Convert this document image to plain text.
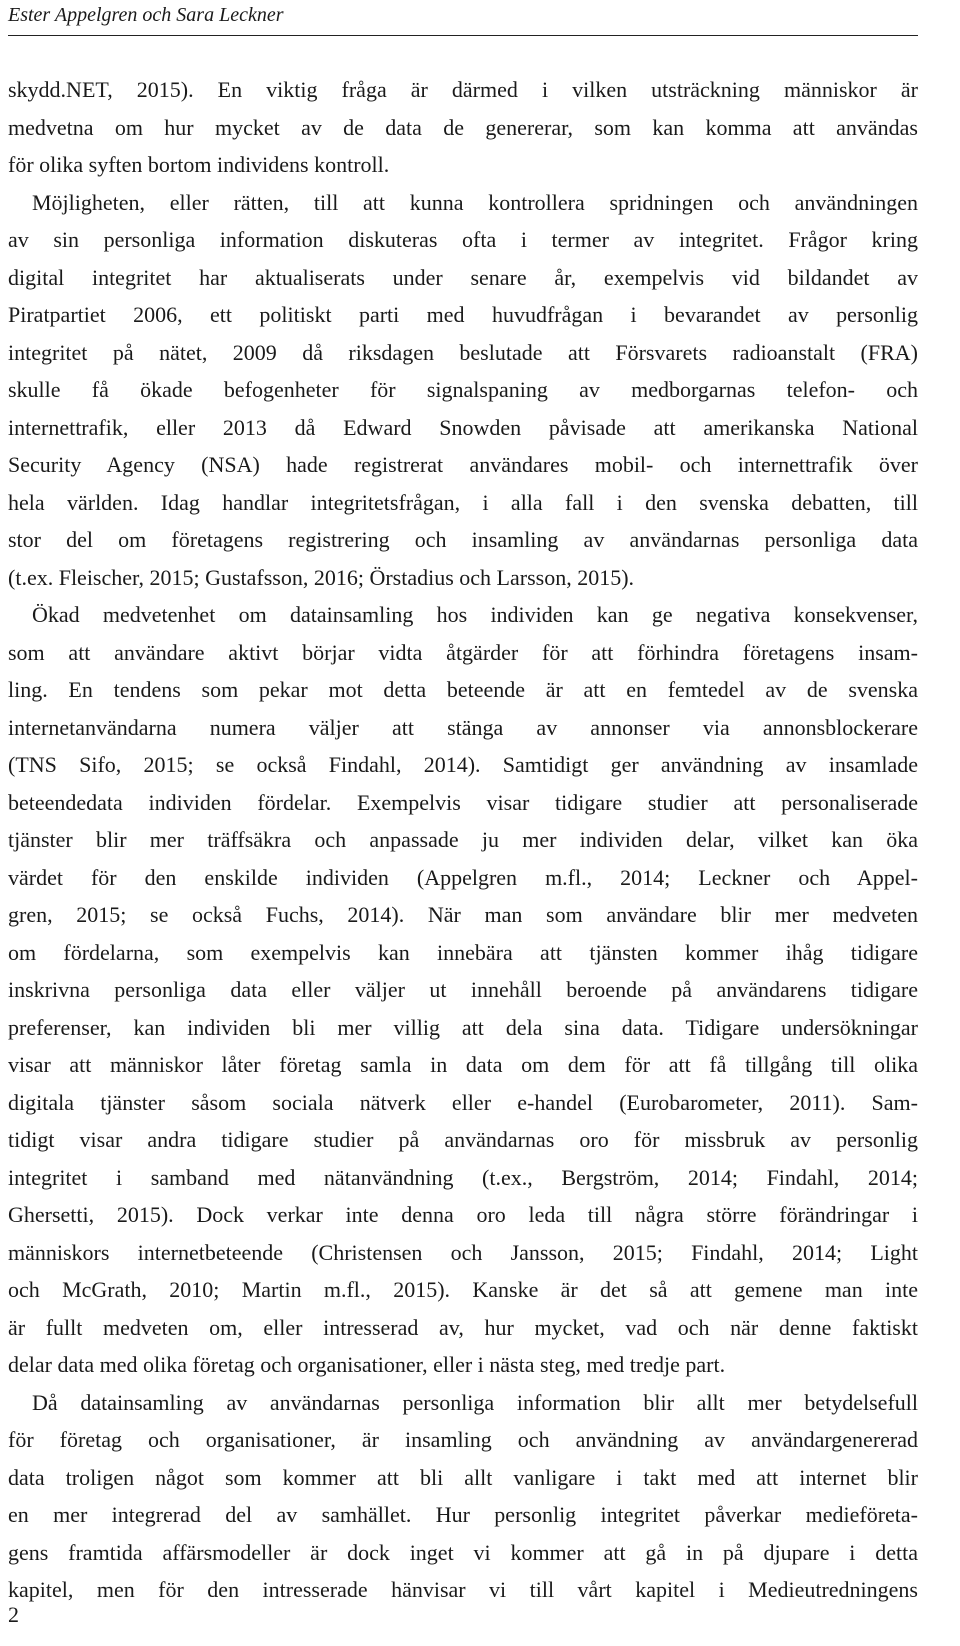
Ester Appelgren och Sara Leckner
skydd.NET, 2015). En viktig fråga är därmed i vilken utsträckning människor är
medvetna om hur mycket av de data de genererar, som kan komma att användas
för olika syften bortom individens kontroll.
Möjligheten, eller rätten, till att kunna kontrollera spridningen och användningen
av sin personliga information diskuteras ofta i termer av integritet. Frågor kring
digital integritet har aktualiserats under senare år, exempelvis vid bildandet av
Piratpartiet 2006, ett politiskt parti med huvudfrågan i bevarandet av personlig
integritet på nätet, 2009 då riksdagen beslutade att Försvarets radioanstalt (FRA)
skulle få ökade befogenheter för signalspaning av medborgarnas telefon- och
internettrafik, eller 2013 då Edward Snowden påvisade att amerikanska National
Security Agency (NSA) hade registrerat användares mobil- och internettrafik över
hela världen. Idag handlar integritetsfrågan, i alla fall i den svenska debatten, till
stor del om företagens registrering och insamling av användarnas personliga data
(t.ex. Fleischer, 2015; Gustafsson, 2016; Örstadius och Larsson, 2015).
Ökad medvetenhet om datainsamling hos individen kan ge negativa konsekvenser,
som att användare aktivt börjar vidta åtgärder för att förhindra företagens insam-
ling. En tendens som pekar mot detta beteende är att en femtedel av de svenska
internetanvändarna numera väljer att stänga av annonser via annonsblockerare
(TNS Sifo, 2015; se också Findahl, 2014). Samtidigt ger användning av insamlade
beteendedata individen fördelar. Exempelvis visar tidigare studier att personaliserade
tjänster blir mer träffsäkra och anpassade ju mer individen delar, vilket kan öka
värdet för den enskilde individen (Appelgren m.fl., 2014; Leckner och Appel-
gren, 2015; se också Fuchs, 2014). När man som användare blir mer medveten
om fördelarna, som exempelvis kan innebära att tjänsten kommer ihåg tidigare
inskrivna personliga data eller väljer ut innehåll beroende på användarens tidigare
preferenser, kan individen bli mer villig att dela sina data. Tidigare undersökningar
visar att människor låter företag samla in data om dem för att få tillgång till olika
digitala tjänster såsom sociala nätverk eller e-handel (Eurobarometer, 2011). Sam-
tidigt visar andra tidigare studier på användarnas oro för missbruk av personlig
integritet i samband med nätanvändning (t.ex., Bergström, 2014; Findahl, 2014;
Ghersetti, 2015). Dock verkar inte denna oro leda till några större förändringar i
människors internetbeteende (Christensen och Jansson, 2015; Findahl, 2014; Light
och McGrath, 2010; Martin m.fl., 2015). Kanske är det så att gemene man inte
är fullt medveten om, eller intresserad av, hur mycket, vad och när denne faktiskt
delar data med olika företag och organisationer, eller i nästa steg, med tredje part.
Då datainsamling av användarnas personliga information blir allt mer betydelsefull
för företag och organisationer, är insamling och användning av användargenererad
data troligen något som kommer att bli allt vanligare i takt med att internet blir
en mer integrerad del av samhället. Hur personlig integritet påverkar medieföreta-
gens framtida affärsmodeller är dock inget vi kommer att gå in på djupare i detta
kapitel, men för den intresserade hänvisar vi till vårt kapitel i Medieutredningens
2
